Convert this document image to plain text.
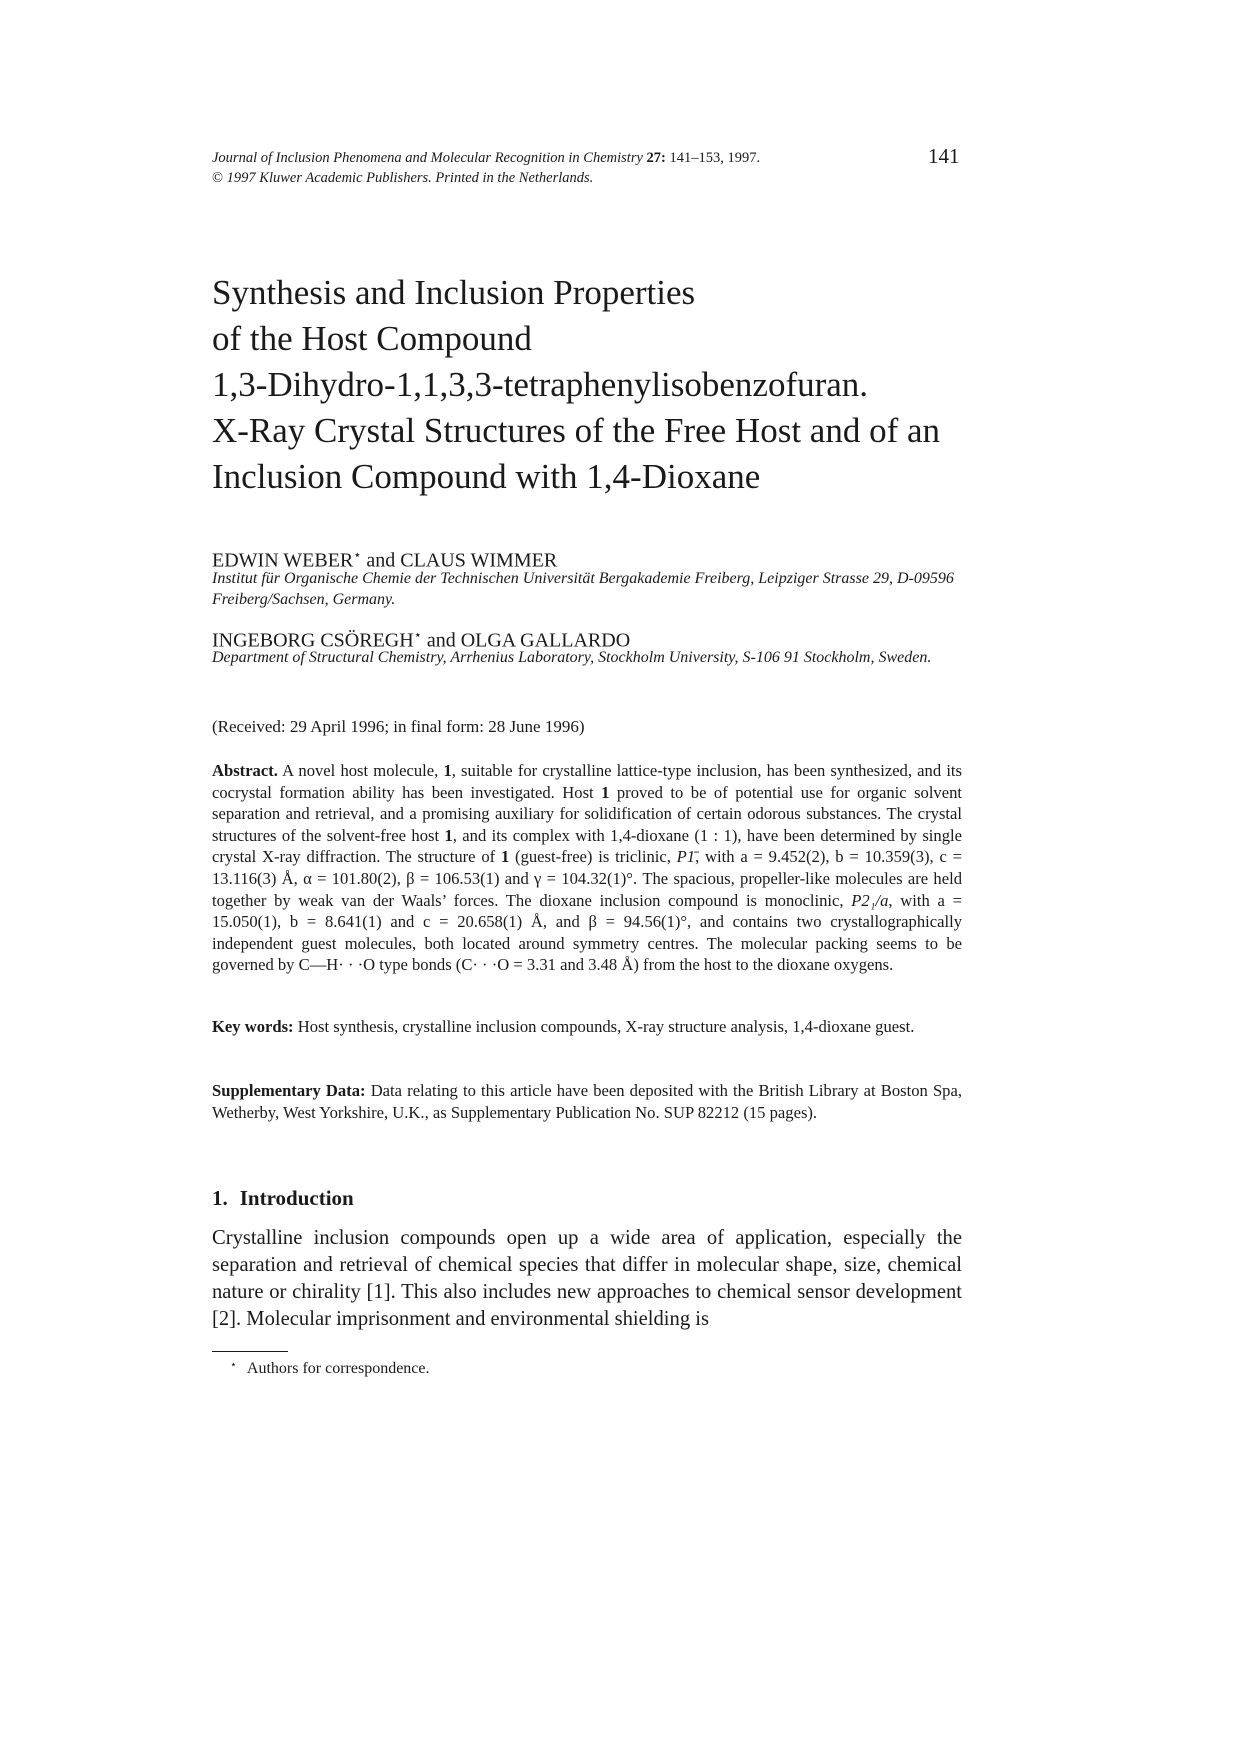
Journal of Inclusion Phenomena and Molecular Recognition in Chemistry 27: 141–153, 1997.
© 1997 Kluwer Academic Publishers. Printed in the Netherlands.
141
Synthesis and Inclusion Properties
of the Host Compound
1,3-Dihydro-1,1,3,3-tetraphenylisobenzofuran.
X-Ray Crystal Structures of the Free Host and of an
Inclusion Compound with 1,4-Dioxane
EDWIN WEBER⋆ and CLAUS WIMMER
Institut für Organische Chemie der Technischen Universität Bergakademie Freiberg, Leipziger Strasse 29, D-09596 Freiberg/Sachsen, Germany.
INGEBORG CSÖREGH⋆ and OLGA GALLARDO
Department of Structural Chemistry, Arrhenius Laboratory, Stockholm University, S-106 91 Stockholm, Sweden.
(Received: 29 April 1996; in final form: 28 June 1996)
Abstract. A novel host molecule, 1, suitable for crystalline lattice-type inclusion, has been synthesized, and its cocrystal formation ability has been investigated. Host 1 proved to be of potential use for organic solvent separation and retrieval, and a promising auxiliary for solidification of certain odorous substances. The crystal structures of the solvent-free host 1, and its complex with 1,4-dioxane (1 : 1), have been determined by single crystal X-ray diffraction. The structure of 1 (guest-free) is triclinic, P1̄, with a = 9.452(2), b = 10.359(3), c = 13.116(3) Å, α = 101.80(2), β = 106.53(1) and γ = 104.32(1)°. The spacious, propeller-like molecules are held together by weak van der Waals’ forces. The dioxane inclusion compound is monoclinic, P2₁/a, with a = 15.050(1), b = 8.641(1) and c = 20.658(1) Å, and β = 94.56(1)°, and contains two crystallographically independent guest molecules, both located around symmetry centres. The molecular packing seems to be governed by C—H· · ·O type bonds (C· · ·O = 3.31 and 3.48 Å) from the host to the dioxane oxygens.
Key words: Host synthesis, crystalline inclusion compounds, X-ray structure analysis, 1,4-dioxane guest.
Supplementary Data: Data relating to this article have been deposited with the British Library at Boston Spa, Wetherby, West Yorkshire, U.K., as Supplementary Publication No. SUP 82212 (15 pages).
1. Introduction
Crystalline inclusion compounds open up a wide area of application, especially the separation and retrieval of chemical species that differ in molecular shape, size, chemical nature or chirality [1]. This also includes new approaches to chemical sensor development [2]. Molecular imprisonment and environmental shielding is
⋆ Authors for correspondence.
